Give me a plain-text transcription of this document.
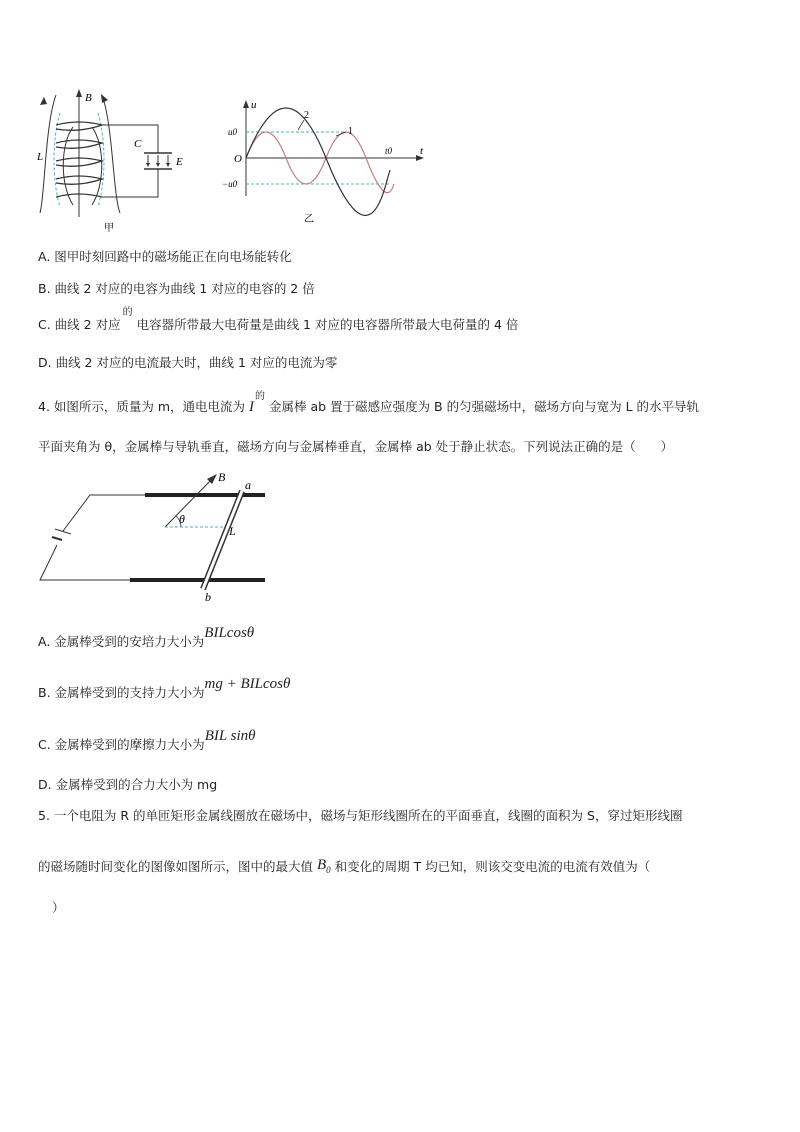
B
L
C
E
甲
u
u0
−u0
O
t
t0
2
1
乙
A. 图甲时刻回路中的磁场能正在向电场能转化
B. 曲线 2 对应的电容为曲线 1 对应的电容的 2 倍
C. 曲线 2 对应$^的$电容器所带最大电荷量是曲线 1 对应的电容器所带最大电荷量的 4 倍
D. 曲线 2 对应的电流最大时，曲线 1 对应的电流为零
4. 如图所示，质量为 m，通电电流为 $I^的$金属棒 ab 置于磁感应强度为 B 的匀强磁场中，磁场方向与宽为 L 的水平导轨
平面夹角为 θ，金属棒与导轨垂直，磁场方向与金属棒垂直，金属棒 ab 处于静止状态。下列说法正确的是（　　）
B
θ
L
a
b
A. 金属棒受到的安培力大小为BILcosθ
B. 金属棒受到的支持力大小为mg + BILcosθ
C. 金属棒受到的摩擦力大小为BIL sinθ
D. 金属棒受到的合力大小为 mg
5. 一个电阻为 R 的单匝矩形金属线圈放在磁场中，磁场与矩形线圈所在的平面垂直，线圈的面积为 S，穿过矩形线圈
的磁场随时间变化的图像如图所示，图中的最大值 $B_0$ 和变化的周期 T 均已知，则该交变电流的电流有效值为（
）
